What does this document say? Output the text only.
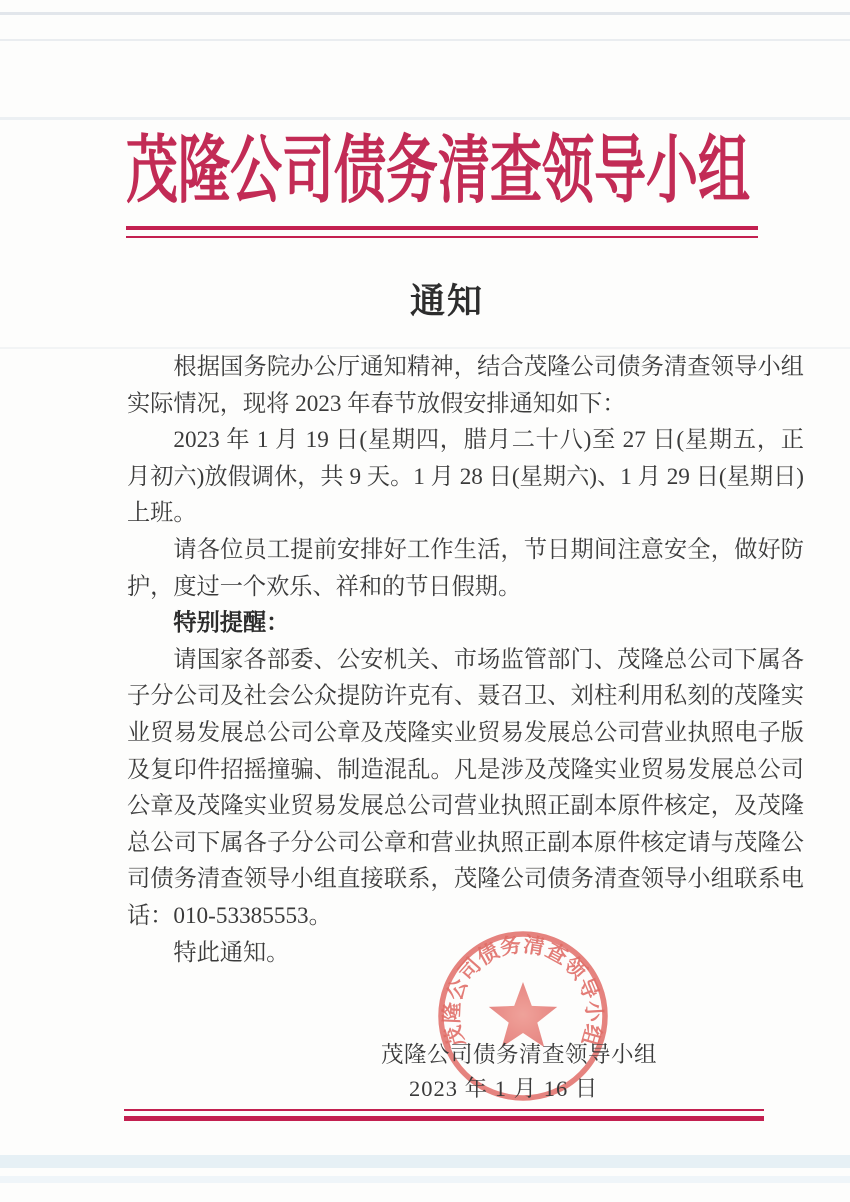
茂隆公司债务清查领导小组
通知

根据国务院办公厅通知精神，结合茂隆公司债务清查领导小组实际情况，现将 2023 年春节放假安排通知如下：

2023 年 1 月 19 日(星期四，腊月二十八)至 27 日(星期五，正月初六)放假调休，共 9 天。1 月 28 日(星期六)、1 月 29 日(星期日)上班。

请各位员工提前安排好工作生活，节日期间注意安全，做好防护，度过一个欢乐、祥和的节日假期。

特别提醒：

请国家各部委、公安机关、市场监管部门、茂隆总公司下属各子分公司及社会公众提防许克有、聂召卫、刘柱利用私刻的茂隆实业贸易发展总公司公章及茂隆实业贸易发展总公司营业执照电子版及复印件招摇撞骗、制造混乱。凡是涉及茂隆实业贸易发展总公司公章及茂隆实业贸易发展总公司营业执照正副本原件核定，及茂隆总公司下属各子分公司公章和营业执照正副本原件核定请与茂隆公司债务清查领导小组直接联系，茂隆公司债务清查领导小组联系电话：010-53385553。

特此通知。

茂隆公司债务清查领导小组
茂隆公司债务清查领导小组
2023 年 1 月 16 日
